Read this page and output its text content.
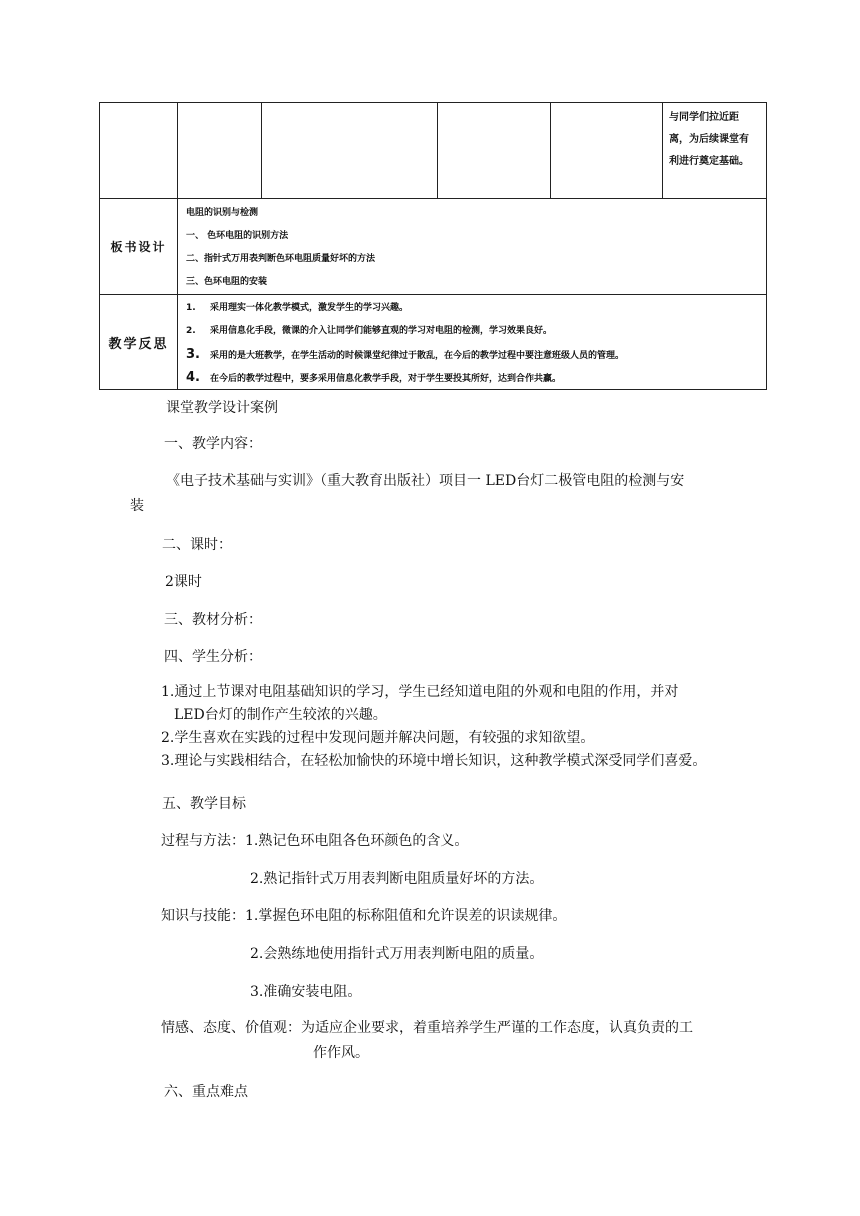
					与同学们拉近距
离，为后续课堂有
利进行奠定基础。

板书设计	电阻的识别与检测
一、 色环电阻的识别方法
二、指针式万用表判断色环电阻质量好坏的方法
三、色环电阻的安装				

教学反思	1. 采用理实一体化教学模式，激发学生的学习兴趣。
2. 采用信息化手段，微课的介入让同学们能够直观的学习对电阻的检测，学习效果良好。
3. 采用的是大班教学，在学生活动的时候课堂纪律过于散乱，在今后的教学过程中要注意班级人员的管理。
4. 在今后的教学过程中，要多采用信息化教学手段，对于学生要投其所好，达到合作共赢。				
课堂教学设计案例
一、教学内容：
《电子技术基础与实训》（重大教育出版社）项目一 LED台灯二极管电阻的检测与安
装
二、课时：
2课时
三、教材分析：
四、学生分析：
1.通过上节课对电阻基础知识的学习，学生已经知道电阻的外观和电阻的作用，并对
LED台灯的制作产生较浓的兴趣。
2.学生喜欢在实践的过程中发现问题并解决问题，有较强的求知欲望。
3.理论与实践相结合，在轻松加愉快的环境中增长知识，这种教学模式深受同学们喜爱。
五、教学目标
过程与方法： 1.熟记色环电阻各色环颜色的含义。
2.熟记指针式万用表判断电阻质量好坏的方法。
知识与技能： 1.掌握色环电阻的标称阻值和允许误差的识读规律。
2.会熟练地使用指针式万用表判断电阻的质量。
3.准确安装电阻。
情感、态度、价值观： 为适应企业要求，着重培养学生严谨的工作态度，认真负责的工
作作风。
六、重点难点
